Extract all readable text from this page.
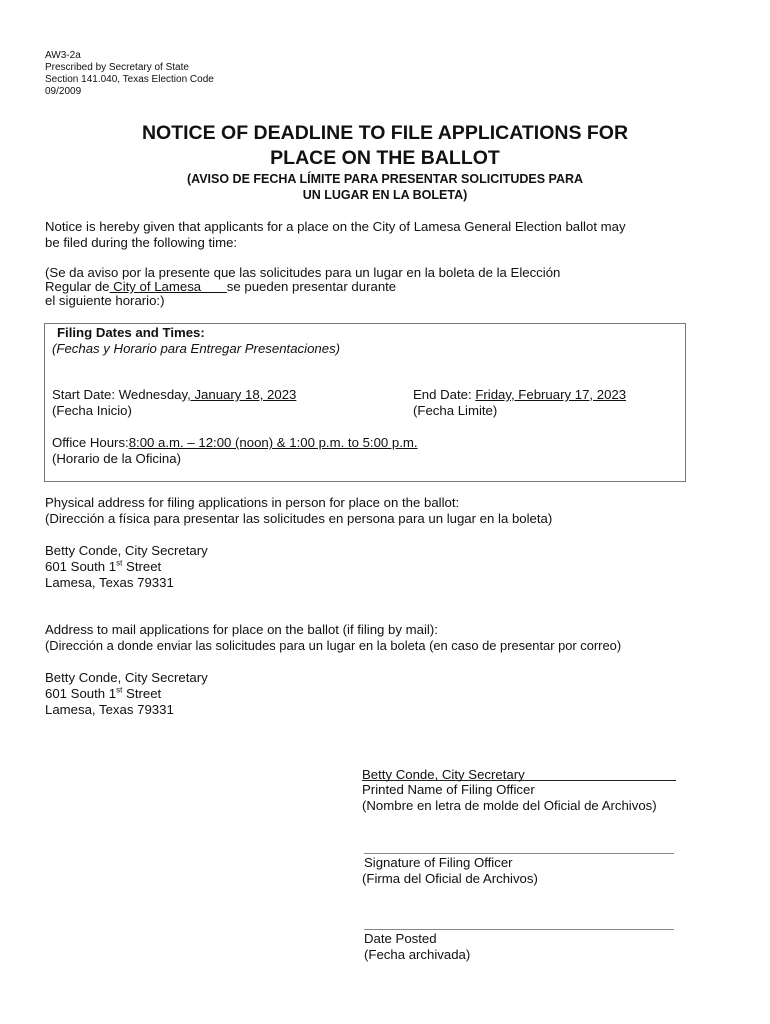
AW3-2a
Prescribed by Secretary of State
Section 141.040, Texas Election Code
09/2009
NOTICE OF DEADLINE TO FILE APPLICATIONS FOR
PLACE ON THE BALLOT
(AVISO DE FECHA LÍMITE PARA PRESENTAR SOLICITUDES PARA
UN LUGAR EN LA BOLETA)
Notice is hereby given that applicants for a place on the City of Lamesa General Election ballot may
be filed during the following time:
(Se da aviso por la presente que las solicitudes para un lugar en la boleta de la Elección
Regular de City of Lamesa       se pueden presentar durante
el siguiente horario:)
Filing Dates and Times:
(Fechas y Horario para Entregar Presentaciones)
Start Date: Wednesday, January 18, 2023
(Fecha Inicio)
End Date: Friday, February 17, 2023
(Fecha Limite)
Office Hours:8:00 a.m. – 12:00 (noon) & 1:00 p.m. to 5:00 p.m.
(Horario de la Oficina)
Physical address for filing applications in person for place on the ballot:
(Dirección a física para presentar las solicitudes en persona para un lugar en la boleta)
Betty Conde, City Secretary
601 South 1st Street
Lamesa, Texas 79331
Address to mail applications for place on the ballot (if filing by mail):
(Dirección a donde enviar las solicitudes para un lugar en la boleta (en caso de presentar por correo)
Betty Conde, City Secretary
601 South 1st Street
Lamesa, Texas 79331
Betty Conde, City Secretary
Printed Name of Filing Officer
(Nombre en letra de molde del Oficial de Archivos)
Signature of Filing Officer
(Firma del Oficial de Archivos)
Date Posted
(Fecha archivada)
